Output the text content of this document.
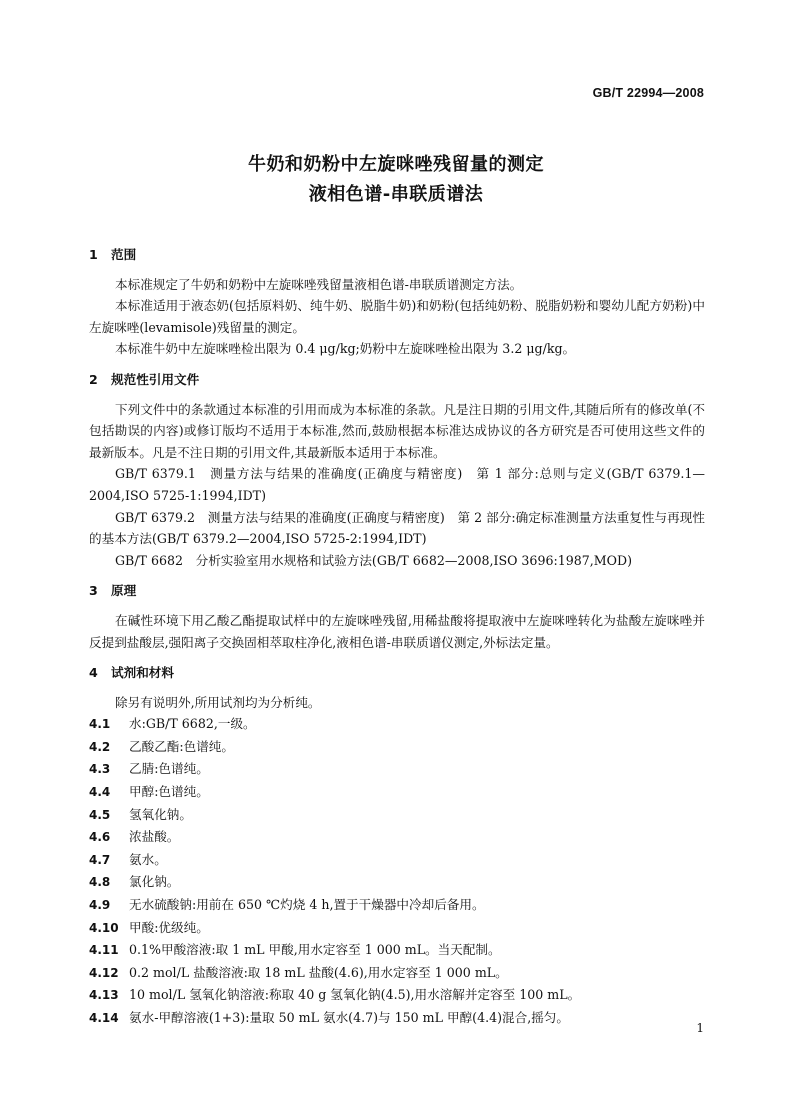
GB/T 22994—2008
牛奶和奶粉中左旋咪唑残留量的测定
液相色谱-串联质谱法
1 范围
本标准规定了牛奶和奶粉中左旋咪唑残留量液相色谱-串联质谱测定方法。
本标准适用于液态奶(包括原料奶、纯牛奶、脱脂牛奶)和奶粉(包括纯奶粉、脱脂奶粉和婴幼儿配方奶粉)中左旋咪唑(levamisole)残留量的测定。
本标准牛奶中左旋咪唑检出限为 0.4 μg/kg;奶粉中左旋咪唑检出限为 3.2 μg/kg。
2 规范性引用文件
下列文件中的条款通过本标准的引用而成为本标准的条款。凡是注日期的引用文件,其随后所有的修改单(不包括勘误的内容)或修订版均不适用于本标准,然而,鼓励根据本标准达成协议的各方研究是否可使用这些文件的最新版本。凡是不注日期的引用文件,其最新版本适用于本标准。
GB/T 6379.1　测量方法与结果的准确度(正确度与精密度)　第 1 部分:总则与定义(GB/T 6379.1—2004,ISO 5725-1:1994,IDT)
GB/T 6379.2　测量方法与结果的准确度(正确度与精密度)　第 2 部分:确定标准测量方法重复性与再现性的基本方法(GB/T 6379.2—2004,ISO 5725-2:1994,IDT)
GB/T 6682　分析实验室用水规格和试验方法(GB/T 6682—2008,ISO 3696:1987,MOD)
3 原理
在碱性环境下用乙酸乙酯提取试样中的左旋咪唑残留,用稀盐酸将提取液中左旋咪唑转化为盐酸左旋咪唑并反提到盐酸层,强阳离子交换固相萃取柱净化,液相色谱-串联质谱仪测定,外标法定量。
4 试剂和材料
除另有说明外,所用试剂均为分析纯。
4.1 水:GB/T 6682,一级。
4.2 乙酸乙酯:色谱纯。
4.3 乙腈:色谱纯。
4.4 甲醇:色谱纯。
4.5 氢氧化钠。
4.6 浓盐酸。
4.7 氨水。
4.8 氯化钠。
4.9 无水硫酸钠:用前在 650 ℃灼烧 4 h,置于干燥器中冷却后备用。
4.10 甲酸:优级纯。
4.11 0.1%甲酸溶液:取 1 mL 甲酸,用水定容至 1 000 mL。当天配制。
4.12 0.2 mol/L 盐酸溶液:取 18 mL 盐酸(4.6),用水定容至 1 000 mL。
4.13 10 mol/L 氢氧化钠溶液:称取 40 g 氢氧化钠(4.5),用水溶解并定容至 100 mL。
4.14 氨水-甲醇溶液(1+3):量取 50 mL 氨水(4.7)与 150 mL 甲醇(4.4)混合,摇匀。
1
